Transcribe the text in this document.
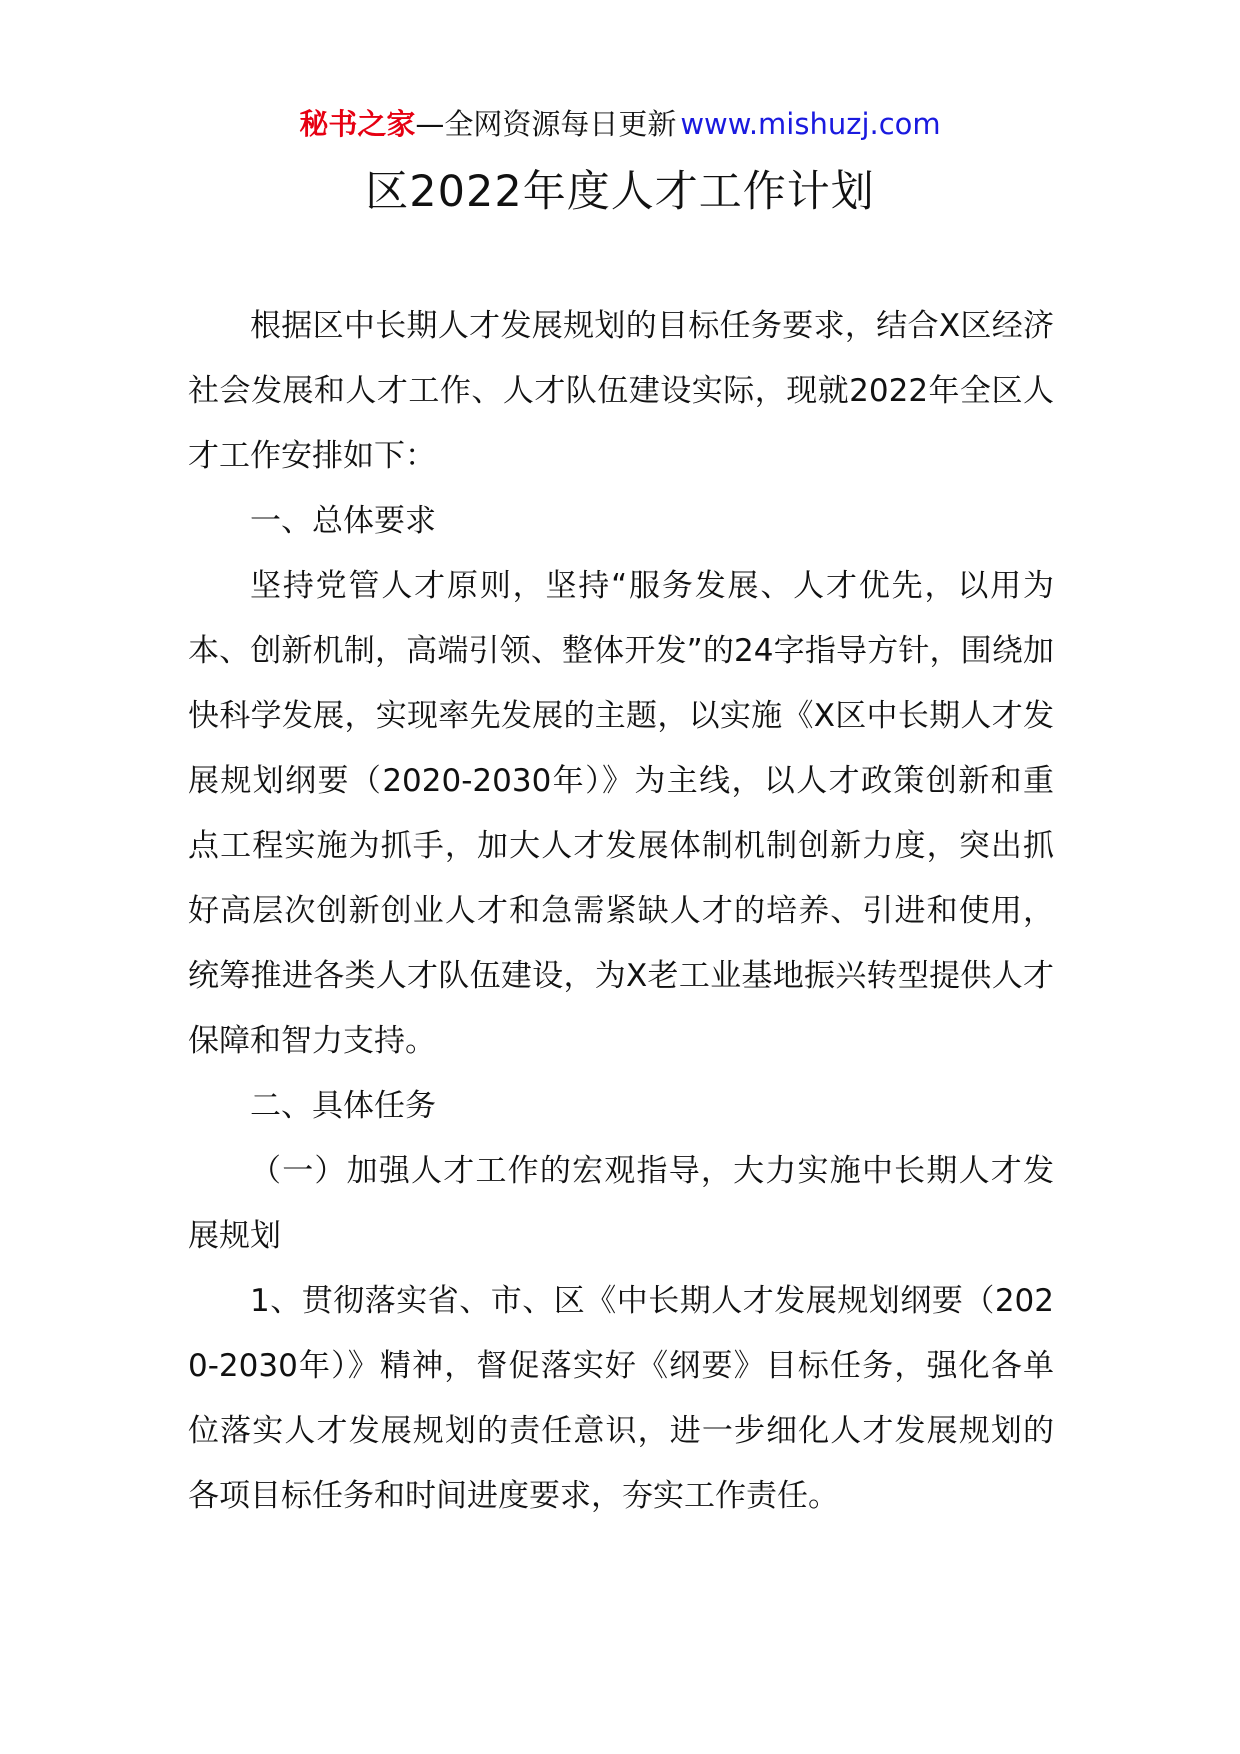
秘书之家—全网资源每日更新 www.mishuzj.com
区2022年度人才工作计划

根据区中长期人才发展规划的目标任务要求，结合X区经济社会发展和人才工作、人才队伍建设实际，现就2022年全区人才工作安排如下：

一、总体要求

坚持党管人才原则，坚持“服务发展、人才优先，以用为本、创新机制，高端引领、整体开发”的24字指导方针，围绕加快科学发展，实现率先发展的主题，以实施《X区中长期人才发展规划纲要（2020-2030年）》为主线，以人才政策创新和重点工程实施为抓手，加大人才发展体制机制创新力度，突出抓好高层次创新创业人才和急需紧缺人才的培养、引进和使用，统筹推进各类人才队伍建设，为X老工业基地振兴转型提供人才保障和智力支持。

二、具体任务

（一）加强人才工作的宏观指导，大力实施中长期人才发展规划

1、贯彻落实省、市、区《中长期人才发展规划纲要（2020-2030年）》精神，督促落实好《纲要》目标任务，强化各单位落实人才发展规划的责任意识，进一步细化人才发展规划的各项目标任务和时间进度要求，夯实工作责任。
